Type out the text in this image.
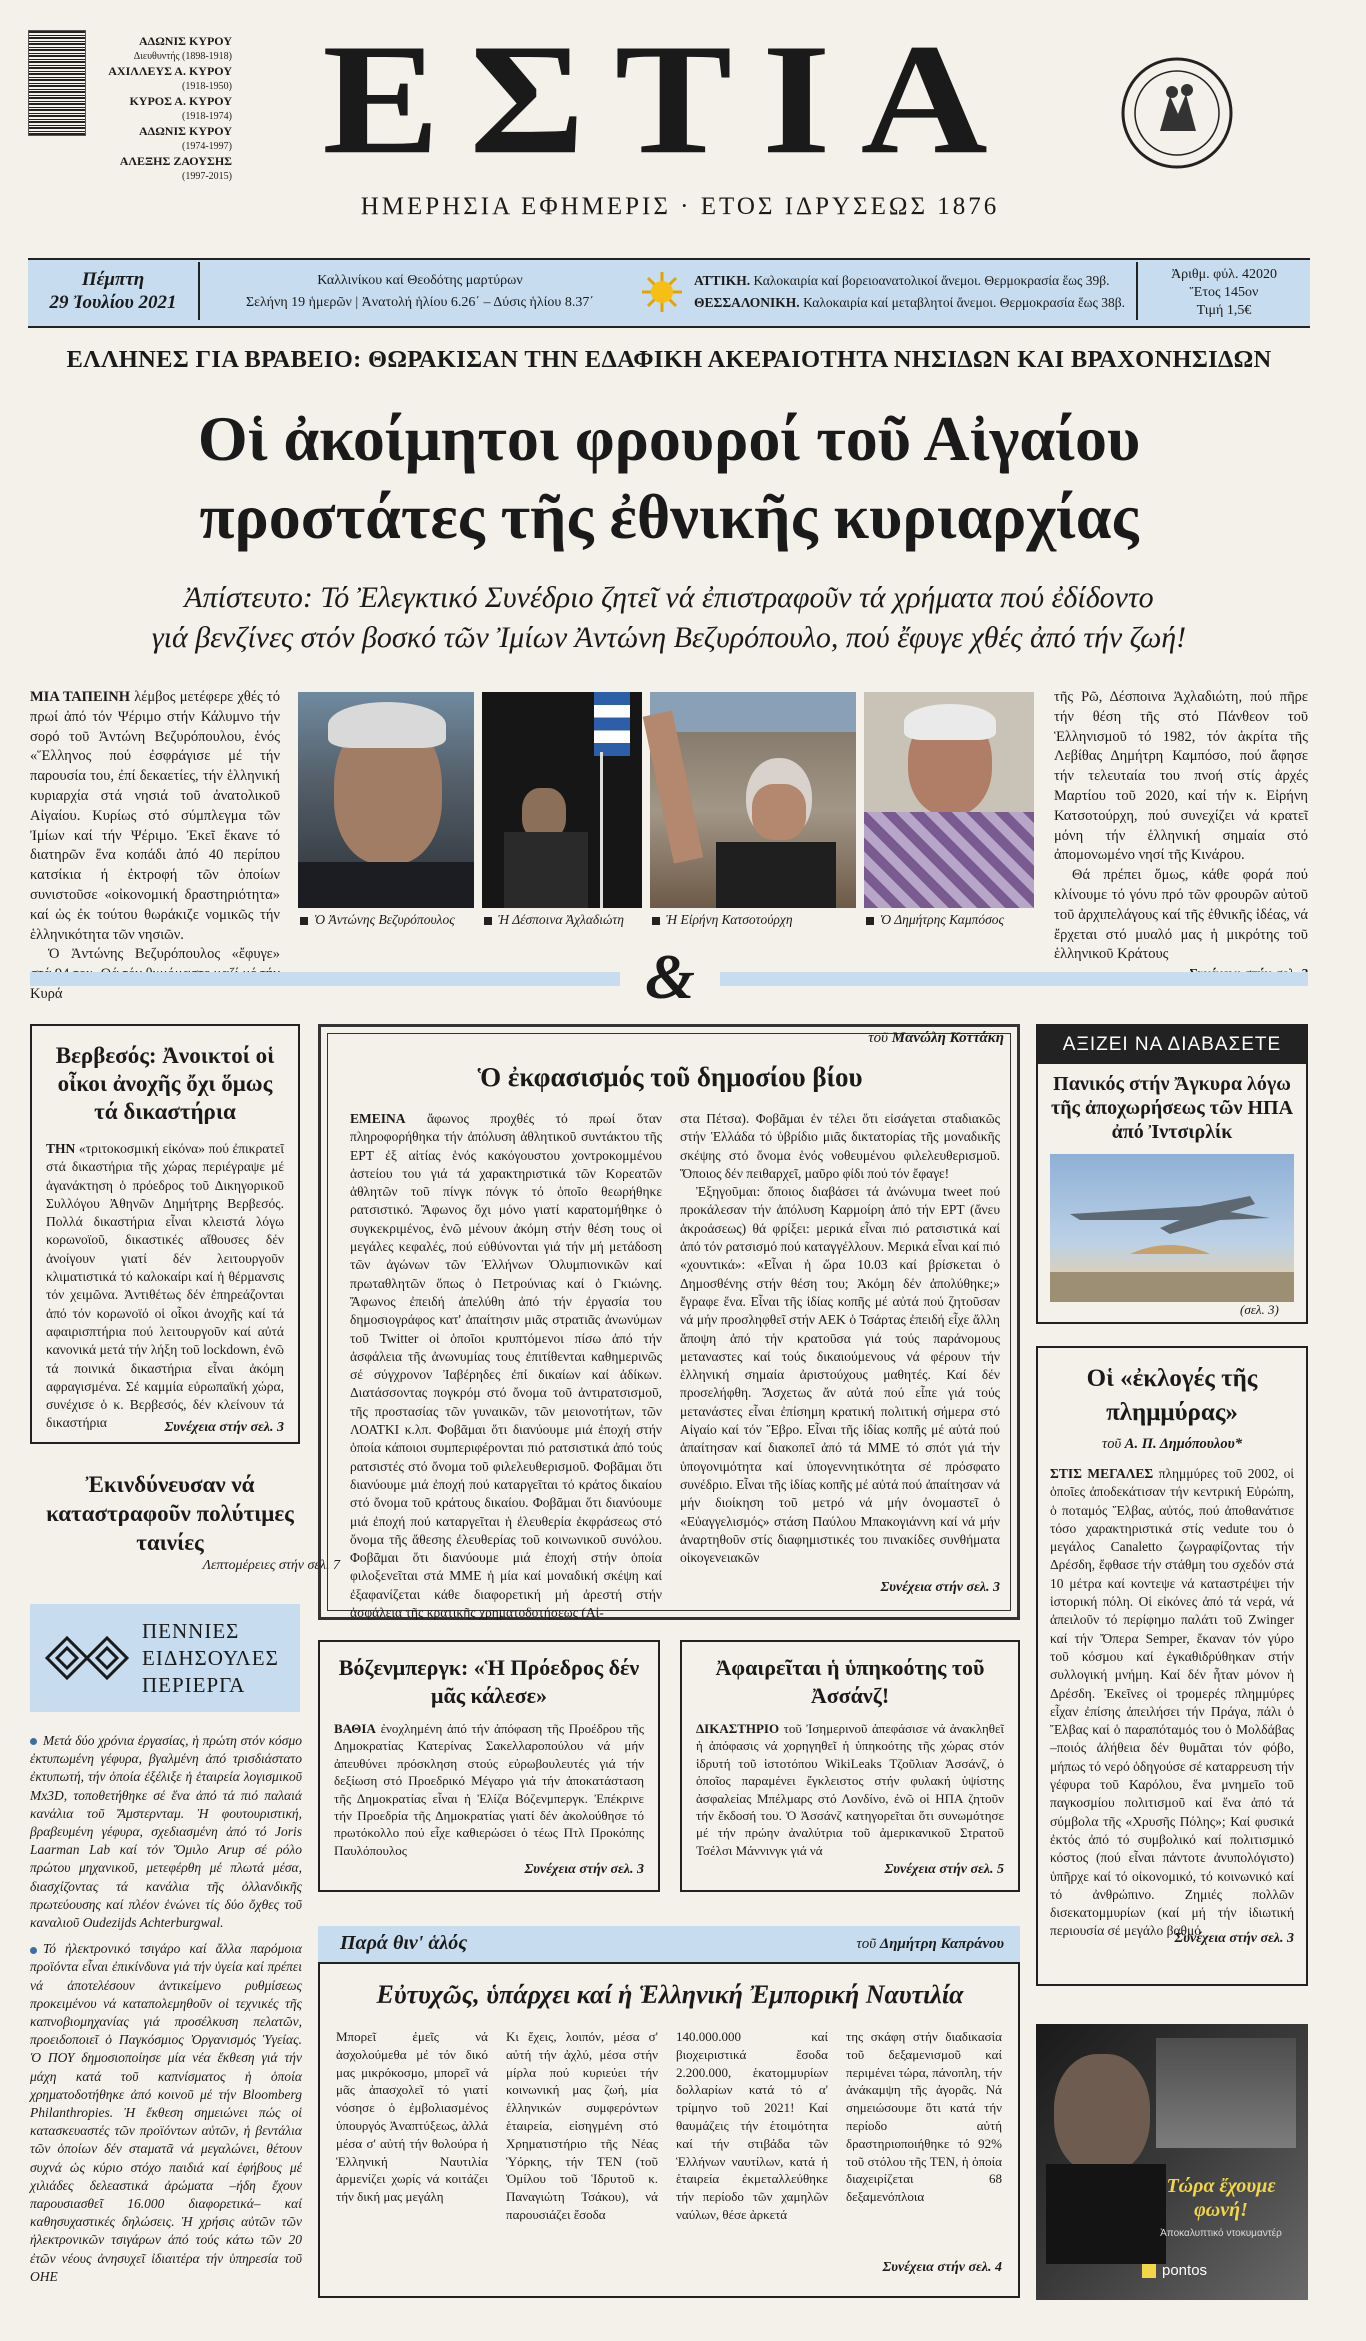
ΑΔΩΝΙΣ ΚΥΡΟΥ
Διευθυντής (1898-1918)
ΑΧΙΛΛΕΥΣ Α. ΚΥΡΟΥ
(1918-1950)
ΚΥΡΟΣ Α. ΚΥΡΟΥ
(1918-1974)
ΑΔΩΝΙΣ ΚΥΡΟΥ
(1974-1997)
ΑΛΕΞΗΣ ΖΑΟΥΣΗΣ
(1997-2015) ΕΣΤΙΑ
ΗΜΕΡΗΣΙΑ ΕΦΗΜΕΡΙΣ · ΕΤΟΣ ΙΔΡΥΣΕΩΣ 1876
Πέμπτη
29 Ἰουλίου 2021
Καλλινίκου καί Θεοδότης μαρτύρων
Σελήνη 19 ἡμερῶν | Ἀνατολή ἡλίου 6.26΄ – Δύσις ἡλίου 8.37΄
ΑΤΤΙΚΗ. Καλοκαιρία καί βορειοανατολικοί ἄνεμοι. Θερμοκρασία ἕως 39β.
ΘΕΣΣΑΛΟΝΙΚΗ. Καλοκαιρία καί μεταβλητοί ἄνεμοι. Θερμοκρασία ἕως 38β.
Ἀριθμ. φύλ. 42020
Ἔτος 145ον
Τιμή 1,5€
ΕΛΛΗΝΕΣ ΓΙΑ ΒΡΑΒΕΙΟ: ΘΩΡΑΚΙΣΑΝ ΤΗΝ ΕΔΑΦΙΚΗ ΑΚΕΡΑΙΟΤΗΤΑ ΝΗΣΙΔΩΝ ΚΑΙ ΒΡΑΧΟΝΗΣΙΔΩΝ
Οἱ ἀκοίμητοι φρουροί τοῦ Αἰγαίου
προστάτες τῆς ἐθνικῆς κυριαρχίας
Ἀπίστευτο: Τό Ἐλεγκτικό Συνέδριο ζητεῖ νά ἐπιστραφοῦν τά χρήματα πού ἐδίδοντο
γιά βενζίνες στόν βοσκό τῶν Ἰμίων Ἀντώνη Βεζυρόπουλο, πού ἔφυγε χθές ἀπό τήν ζωή!

ΜΙΑ ΤΑΠΕΙΝΗ λέμβος μετέφερε χθές τό πρωί ἀπό τόν Ψέριμο στήν Κάλυμνο τήν σορό τοῦ Ἀντώνη Βεζυρόπουλου, ἑνός «Ἕλληνος πού ἐσφράγισε μέ τήν παρουσία του, ἐπί δεκαετίες, τήν ἑλληνική κυριαρχία στά νησιά τοῦ ἀνατολικοῦ Αἰγαίου. Κυρίως στό σύμπλεγμα τῶν Ἰμίων καί τήν Ψέριμο. Ἐκεῖ ἔκανε τό διατηρῶν ἕνα κοπάδι ἀπό 40 περίπου κατσίκια ή ἐκτροφή τῶν ὁποίων συνιστοῦσε «οἰκονομική δραστηριότητα» καί ὡς ἐκ τούτου θωράκιζε νομικῶς τήν ἑλληνικότητα τῶν νησιῶν.

Ὁ Ἀντώνης Βεζυρόπουλος «ἔφυγε» Κυρά

Ὁ Ἀντώνης Βεζυρόπουλος	Ἡ Δέσποινα Ἀχλαδιώτη	Ἡ Εἰρήνη Κατσοτούρχη	Ὁ Δημήτρης Καμπόσος

τῆς Ρῶ, Δέσποινα Ἀχλαδιώτη, πού πῆρε τήν θέση τῆς στό Πάνθεον τοῦ Ἑλληνισμοῦ τό 1982, τόν ἀκρίτα τῆς Λεβίθας Δημήτρη Καμπόσο, πού ἄφησε τήν τελευταία του πνοή στίς ἀρχές Μαρτίου τοῦ 2020, καί τήν κ. Εἰρήνη Κατσοτούρχη, πού συνεχίζει νά κρατεῖ μόνη τήν ἑλληνική σημαία στό ἀπομονωμένο νησί τῆς Κινάρου.

Θά πρέπει ὅμως, κάθε φορά πού κλίνουμε τό γόνυ πρό τῶν φρουρῶν αὐτοῦ τοῦ ἀρχιπελάγους καί τῆς ἐθνικῆς ἰδέας, νά ἔρχεται στό μυαλό μας ἡ μικρότης τοῦ ἑλληνικοῦ Κράτους

&
Βερβεσός: Ἀνοικτοί οἱ οἶκοι ἀνοχῆς ὄχι ὅμως τά δικαστήρια

ΤΗΝ «τριτοκοσμική εἰκόνα» πού ἐπικρατεῖ στά δικαστήρια τῆς χώρας περιέγραψε μέ ἀγανάκτηση ὁ πρόεδρος τοῦ Δικηγορικοῦ Συλλόγου Ἀθηνῶν Δημήτρης Βερβεσός. Πολλά δικαστήρια εἶναι κλειστά λόγω κορωνοϊοῦ, δικαστικές αἴθουσες δέν ἀνοίγουν γιατί δέν λειτουργοῦν κλιματιστικά τό καλοκαίρι καί ἡ θέρμανσις τόν χειμῶνα. Ἀντιθέτως δέν ἐπηρεάζονται ἀπό τόν κορωνοϊό οἱ οἶκοι ἀνοχῆς καί τά αφαιρισπτήρια πού λειτουργοῦν καί αὐτά κανονικά μετά τήν λήξη τοῦ lockdown, ἐνῶ τά ποινικά δικαστήρια εἶναι ἀκόμη αφραγισμένα. Σέ καμμία εὐρωπαϊκή χώρα, συνέχισε ὁ κ. Βερβεσός, δέν κλείνουν τά δικαστήρια	Συνέχεια στήν σελ. 3

Ἐκινδύνευσαν νά καταστραφοῦν πολύτιμες ταινίες

Λεπτομέρειες στήν σελ. 7

ΠΕΝΝΙΕΣ
ΕΙΔΗΣΟΥΛΕΣ
ΠΕΡΙΕΡΓΑ

Μετά δύο χρόνια ἐργασίας, ἡ πρώτη στόν κόσμο ἐκτυπωμένη γέφυρα, βγαλμένη ἀπό τρισδιάστατο ἐκτυπωτή, τήν ὁποία ἐξέλιξε ἡ ἑταιρεία λογισμικοῦ Mx3D, τοποθετήθηκε σέ ἕνα ἀπό τά πιό παλαιά κανάλια τοῦ Ἄμστερνταμ. Ἡ φουτουριστική, βραβευμένη γέφυρα, σχεδιασμένη ἀπό τό Joris Laarman Lab καί τόν Ὅμιλο Arup σέ ρόλο πρώτου μηχανικοῦ, μετεφέρθη μέ πλωτά μέσα, διασχίζοντας τά κανάλια τῆς ὀλλανδικῆς πρωτεύουσης καί πλέον ἑνώνει τίς δύο ὄχθες τοῦ καναλιοῦ Oudezijds Achterburgwal.

Τό ἠλεκτρονικό τσιγάρο καί ἄλλα παρόμοια προϊόντα εἶναι ἐπικίνδυνα γιά τήν ὑγεία καί πρέπει νά ἀποτελέσουν ἀντικείμενο ρυθμίσεως προκειμένου νά καταπολεμηθοῦν οἱ τεχνικές τῆς καπνοβιομηχανίας γιά προσέλκυση πελατῶν, προειδοποιεῖ ὁ Παγκόσμιος Ὀργανισμός Ὑγείας. Ὁ ΠΟΥ δημοσιοποίησε μία νέα ἔκθεση γιά τήν μάχη κατά τοῦ καπνίσματος ἡ ὁποία χρηματοδοτήθηκε ἀπό κοινοῦ μέ τήν Bloomberg Philanthropies. Ἡ ἔκθεση σημειώνει πώς οἱ κατασκευαστές τῶν προϊόντων αὐτῶν, ἡ βεντάλια τῶν ὁποίων δέν σταματᾶ νά μεγαλώνει, θέτουν συχνά ὡς κύριο στόχο παιδιά καί ἐφήβους μέ χιλιάδες δελεαστικά ἀρώματα –ήδη ἔχουν παρουσιασθεῖ 16.000 διαφορετικά– καί καθησυχαστικές δηλώσεις. Ἡ χρήσις αὐτῶν τῶν ἠλεκτρονικῶν τσιγάρων ἀπό τούς κάτω τῶν 20 ἐτῶν νέους ἀνησυχεῖ ἰδιαιτέρα τήν ὑπηρεσία τοῦ ΟΗΕ

τοῦ Μανώλη Κοττάκη
Ὁ ἐκφασισμός τοῦ δημοσίου βίου

ΕΜΕΙΝΑ ἄφωνος προχθές τό πρωί ὅταν πληροφορήθηκα τήν ἀπόλυση ἀθλητικοῦ συντάκτου τῆς ΕΡΤ ἐξ αἰτίας ἑνός κακόγουστου χοντροκομμένου ἀστείου του γιά τά χαρακτηριστικά τῶν Κορεατῶν ἀθλητῶν τοῦ πίνγκ πόνγκ τό ὁποῖο θεωρήθηκε ρατσιστικό. Ἄφωνος ὄχι μόνο γιατί καρατομήθηκε ὁ συγκεκριμένος, ἐνῶ μένουν ἀκόμη στήν θέση τους οἱ μεγάλες κεφαλές, πού εὐθύνονται γιά τήν μή μετάδοση τῶν ἀγώνων τῶν Ἑλλήνων Ὀλυμπιονικῶν καί πρωταθλητῶν ὅπως ὁ Πετρούνιας καί ὁ Γκιώνης. Ἄφωνος ἐπειδή ἀπελύθη ἀπό τήν ἐργασία του δημοσιογράφος κατ' ἀπαίτησιν μιᾶς στρατιᾶς ἀνωνύμων τοῦ Twitter οἱ ὁποῖοι κρυπτόμενοι πίσω ἀπό τήν ἀσφάλεια τῆς ἀνωνυμίας τους ἐπιτίθενται καθημερινῶς σέ σύγχρονον Ἰαβέρηδες ἐπί δικαίων καί ἀδίκων. Διατάσσοντας πογκρόμ στό ὄνομα τοῦ ἀντιρατσισμοῦ, τῆς προστασίας τῶν γυναικῶν, τῶν μειονοτήτων, τῶν ΛΟΑΤΚΙ κ.λπ. Φοβᾶμαι ὅτι διανύουμε μιά ἐποχή στήν ὁποία κάποιοι συμπεριφέρονται πιό ρατσιστικά ἀπό τούς ρατσιστές στό ὄνομα τοῦ φιλελευθερισμοῦ. Φοβᾶμαι ὅτι διανύουμε μιά ἐποχή πού καταργεῖται τό κράτος δικαίου στό ὄνομα τοῦ κράτους δικαίου. Φοβᾶμαι ὅτι διανύουμε μιά ἐποχή πού καταργεῖται ἡ ἐλευθερία ἐκφράσεως στό ὄνομα τῆς ἄθεσης ἐλευθερίας τοῦ κοινωνικοῦ συνόλου. Φοβᾶμαι ὅτι διανύουμε μιά ἐποχή στήν ὁποία φιλοξενεῖται στά ΜΜΕ ἡ μία καί μοναδική σκέψη καί ἐξαφανίζεται κάθε διαφορετική μή ἀρεστή στήν ἀσφάλεια τῆς κρατικῆς χρηματοδοτήσεως (Αἰ-

στα Πέτσα). Φοβᾶμαι ἐν τέλει ὅτι εἰσάγεται σταδιακῶς στήν Ἑλλάδα τό ὑβρίδιο μιᾶς δικτατορίας τῆς μοναδικῆς σκέψης στό ὄνομα ἑνός νοθευμένου φιλελευθερισμοῦ. Ὅποιος δέν πειθαρχεῖ, μαῦρο φίδι πού τόν ἔφαγε!

Ἐξηγοῦμαι: ὅποιος διαβάσει τά ἀνώνυμα tweet πού προκάλεσαν τήν ἀπόλυση Καρμοίρη ἀπό τήν ΕΡΤ (ἄνευ ἀκροάσεως) θά φρίξει: μερικά εἶναι πιό ρατσιστικά καί ἀπό τόν ρατσισμό πού καταγγέλλουν. Μερικά εἶναι καί πιό «χουντικά»: «Εἶναι ἡ ὥρα 10.03 καί βρίσκεται ὁ Δημοσθένης στήν θέση του; Ἀκόμη δέν ἀπολύθηκε;» ἔγραφε ἕνα. Εἶναι τῆς ἰδίας κοπῆς μέ αὐτά πού ζητοῦσαν νά μήν προσληφθεῖ στήν ΑΕΚ ὁ Τσάρτας ἐπειδή εἶχε ἄλλη ἄποψη ἀπό τήν κρατοῦσα γιά τούς παράνομους μεταναστες καί τούς δικαιούμενους νά φέρουν τήν ἑλληνική σημαία ἀριστούχους μαθητές. Καί δέν προσελήφθη. Ἄσχετως ἄν αὐτά πού εἶπε γιά τούς μετανάστες εἶναι ἐπίσημη κρατική πολιτική σήμερα στό Αἰγαίο καί τόν Ἕβρο. Εἶναι τῆς ἰδίας κοπῆς μέ αὐτά πού ἀπαίτησαν καί διακοπεῖ ἀπό τά ΜΜΕ τό σπότ γιά τήν ὑπογονιμότητα καί ὑπογεννητικότητα σέ πρόσφατο συνέδριο. Εἶναι τῆς ἰδίας κοπῆς μέ αὐτά πού ἀπαίτησαν νά μήν διοίκηση τοῦ μετρό νά μήν ὀνομαστεῖ ὁ «Εὐαγγελισμός» στάση Παύλου Μπακογιάννη καί νά μήν ἀναρτηθοῦν στίς διαφημιστικές του πινακίδες συνθήματα οἰκογενειακῶν

Συνέχεια στήν σελ. 3

ΑΞΙΖΕΙ ΝΑ ΔΙΑΒΑΣΕΤΕ
Πανικός στήν Ἄγκυρα λόγω τῆς ἀποχωρήσεως τῶν ΗΠΑ ἀπό Ἰντσιρλίκ
(σελ. 3)
Οἱ «ἐκλογές τῆς πλημμύρας»
τοῦ Α. Π. Δημόπουλου*

ΣΤΙΣ ΜΕΓΑΛΕΣ πλημμύρες τοῦ 2002, οἱ ὁποῖες ἀποδεκάτισαν τήν κεντρική Εὐρώπη, ὁ ποταμός Ἔλβας, αὐτός, πού ἀποθανάτισε τόσο χαρακτηριστικά στίς vedute του ὁ μεγάλος Canaletto ζωγραφίζοντας τήν Δρέσδη, ἔφθασε τήν στάθμη του σχεδόν στά 10 μέτρα καί κοντεψε νά καταστρέψει τήν ἱστορική πόλη. Οἱ εἰκόνες ἀπό τά νερά, νά ἀπειλοῦν τό περίφημο παλάτι τοῦ Zwinger καί τήν Ὄπερα Semper, ἔκαναν τόν γύρο τοῦ κόσμου καί ἐγκαθιδρύθηκαν στήν συλλογική μνήμη. Καί δέν ἦταν μόνον ἡ Δρέσδη. Ἐκεῖνες οἱ τρομερές πλημμύρες εἶχαν ἐπίσης ἀπειλήσει τήν Πράγα, πάλι ὁ Ἔλβας καί ὁ παραπόταμός του ὁ Μολδάβας –ποιός ἀλήθεια δέν θυμᾶται τόν φόβο, μήπως τό νερό ὁδηγούσε σέ καταρρευση τήν γέφυρα τοῦ Καρόλου, ἕνα μνημεῖο τοῦ παγκοσμίου πολιτισμοῦ καί ἕνα ἀπό τά σύμβολα τῆς «Χρυσῆς Πόλης»; Καί φυσικά ἐκτός ἀπό τό συμβολικό καί πολιτισμικό κόστος (πού εἶναι πάντοτε ἀνυπολόγιστο) ὑπῆρχε καί τό οἰκονομικό, τό κοινωνικό καί τό ἀνθρώπινο. Ζημιές πολλῶν δισεκατομμυρίων (καί μή τήν ἰδιωτική περιουσία σέ μεγάλο βαθμό

Συνέχεια στήν σελ. 3

Βόζενμπεργκ: «Ἡ Πρόεδρος δέν μᾶς κάλεσε»

ΒΑΘΙΑ ἐνοχλημένη ἀπό τήν ἀπόφαση τῆς Προέδρου τῆς Δημοκρατίας Κατερίνας Σακελλαροπούλου νά μήν ἀπευθύνει πρόσκληση στούς εὐρωβουλευτές γιά τήν δεξίωση στό Προεδρικό Μέγαρο γιά τήν ἀποκατάσταση τῆς Δημοκρατίας εἶναι ἡ Ἐλίζα Βόζενμπεργκ. Ἐπέκρινε τήν Προεδρία τῆς Δημοκρατίας γιατί δέν ἀκολούθησε τό πρωτόκολλο πού εἶχε καθιερώσει ὁ τέως Πτλ Προκόπης Παυλόπουλος

Συνέχεια στήν σελ. 3

Ἀφαιρεῖται ἡ ὑπηκοότης τοῦ Ἀσσάνζ!

ΔΙΚΑΣΤΗΡΙΟ τοῦ Ἰσημερινοῦ ἀπεφάσισε νά ἀνακληθεῖ ἡ ἀπόφασις νά χορηγηθεῖ ἡ ὑπηκοότης τῆς χώρας στόν ἱδρυτή τοῦ ἱστοτόπου WikiLeaks Τζοῦλιαν Ἀσσάνζ, ὁ ὁποῖος παραμένει ἔγκλειστος στήν φυλακή ὑψίστης ἀσφαλείας Μπέλμαρς στό Λονδίνο, ἐνῶ οἱ ΗΠΑ ζητοῦν τήν ἔκδοσή του. Ὁ Ἀσσάνζ κατηγορεῖται ὅτι συνωμότησε μέ τήν πρώην ἀναλύτρια τοῦ ἀμερικανικοῦ Στρατοῦ Τσέλσι Μάννινγκ γιά νά

Συνέχεια στήν σελ. 5

Παρά θιν' ἁλός	τοῦ Δημήτρη Καπράνου
Εὐτυχῶς, ὑπάρχει καί ἡ Ἑλληνική Ἐμπορική Ναυτιλία
Μπορεῖ ἐμεῖς νά ἀσχολούμεθα μέ τόν δικό μας μικρόκοσμο, μπορεῖ νά μᾶς ἀπασχολεῖ τό γιατί νόσησε ὁ ἐμβολιασμένος ὑπουργός Ἀναπτύξεως, ἀλλά μέσα σ' αὐτή τήν θολούρα ἡ Ἑλληνική Ναυτιλία ἀρμενίζει χωρίς νά κοιτάζει τήν δική μας μεγάλη
Κι ἔχεις, λοιπόν, μέσα σ' αὐτή τήν ἀχλύ, μέσα στήν μίρλα πού κυριεύει τήν κοινωνική μας ζωή, μία ἑλληνικών συμφερόντων ἑταιρεία, εἰσηγμένη στό Χρηματιστήριο τῆς Νέας Ὑόρκης, τήν TEN (τοῦ Ὁμίλου τοῦ Ἱδρυτοῦ κ. Παναγιώτη Τσάκου), νά παρουσιάζει ἔσοδα
140.000.000 καί βιοχειριστικά ἔσοδα 2.200.000, ἑκατομμυρίων δολλαρίων κατά τό α' τρίμηνο τοῦ 2021! Καί θαυμάζεις τήν ἑτοιμότητα καί τήν στιβάδα τῶν Ἑλλήνων ναυτίλων, κατά ἡ ἑταιρεία ἐκμεταλλεύθηκε τήν περίοδο τῶν χαμηλῶν ναύλων, θέσε ἀρκετά
της σκάφη στήν διαδικασία τοῦ δεξαμενισμοῦ καί περιμένει τώρα, πάνοπλη, τήν ἀνάκαμψη τῆς ἀγορᾶς. Νά σημειώσουμε ὅτι κατά τήν περίοδο αὐτή δραστηριοποιήθηκε τό 92% τοῦ στόλου τῆς TEN, ἡ ὁποία διαχειρίζεται 68 δεξαμενόπλοια

Συνέχεια στήν σελ. 4

Τώρα ἔχουμε φωνή!
Ἀποκαλυπτικό ντοκυμαντέρ
pontos
